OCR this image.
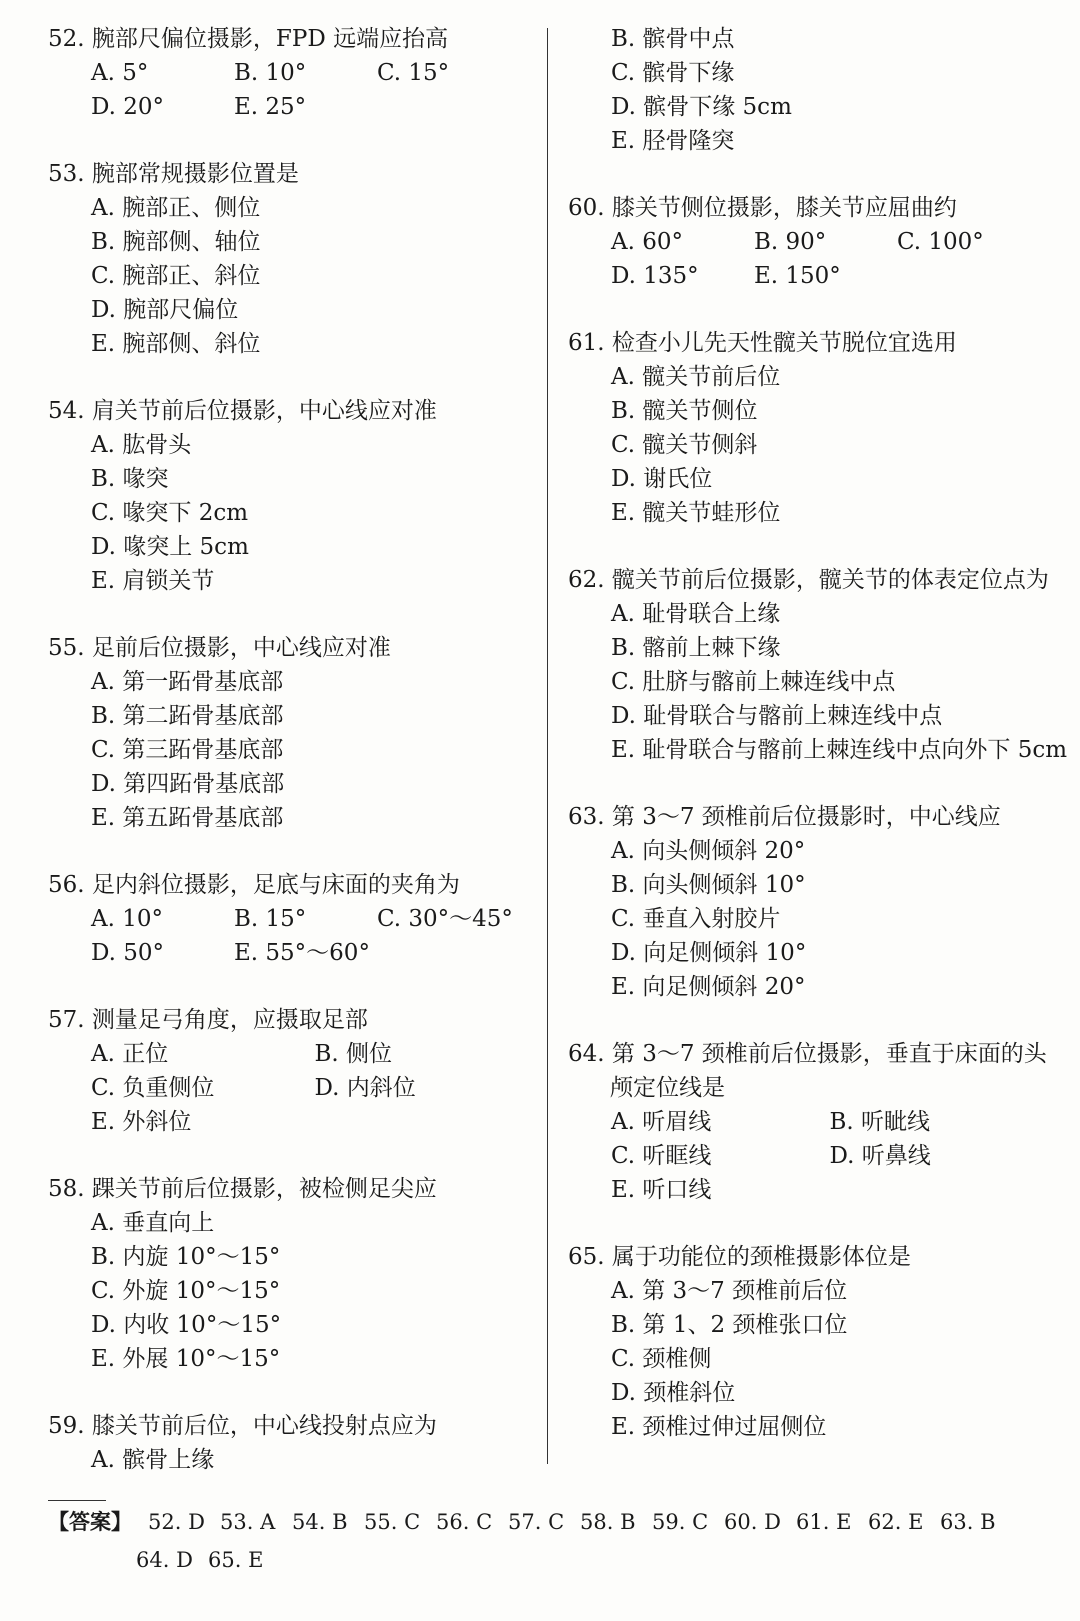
52. 腕部尺偏位摄影，FPD 远端应抬高
A. 5°	B. 10°	C. 15°
D. 20°	E. 25°
53. 腕部常规摄影位置是
A. 腕部正、侧位
B. 腕部侧、轴位
C. 腕部正、斜位
D. 腕部尺偏位
E. 腕部侧、斜位
54. 肩关节前后位摄影，中心线应对准
A. 肱骨头
B. 喙突
C. 喙突下 2cm
D. 喙突上 5cm
E. 肩锁关节
55. 足前后位摄影，中心线应对准
A. 第一跖骨基底部
B. 第二跖骨基底部
C. 第三跖骨基底部
D. 第四跖骨基底部
E. 第五跖骨基底部
56. 足内斜位摄影，足底与床面的夹角为
A. 10°	B. 15°	C. 30°～45°
D. 50°	E. 55°～60°
57. 测量足弓角度，应摄取足部
A. 正位	B. 侧位
C. 负重侧位	D. 内斜位
E. 外斜位
58. 踝关节前后位摄影，被检侧足尖应
A. 垂直向上
B. 内旋 10°～15°
C. 外旋 10°～15°
D. 内收 10°～15°
E. 外展 10°～15°
59. 膝关节前后位，中心线投射点应为
A. 髌骨上缘
B. 髌骨中点
C. 髌骨下缘
D. 髌骨下缘 5cm
E. 胫骨隆突
60. 膝关节侧位摄影，膝关节应屈曲约
A. 60°	B. 90°	C. 100°
D. 135°	E. 150°
61. 检查小儿先天性髋关节脱位宜选用
A. 髋关节前后位
B. 髋关节侧位
C. 髋关节侧斜
D. 谢氏位
E. 髋关节蛙形位
62. 髋关节前后位摄影，髋关节的体表定位点为
A. 耻骨联合上缘
B. 髂前上棘下缘
C. 肚脐与髂前上棘连线中点
D. 耻骨联合与髂前上棘连线中点
E. 耻骨联合与髂前上棘连线中点向外下 5cm
63. 第 3～7 颈椎前后位摄影时，中心线应
A. 向头侧倾斜 20°
B. 向头侧倾斜 10°
C. 垂直入射胶片
D. 向足侧倾斜 10°
E. 向足侧倾斜 20°
64. 第 3～7 颈椎前后位摄影，垂直于床面的头颅定位线是
A. 听眉线	B. 听眦线
C. 听眶线	D. 听鼻线
E. 听口线
65. 属于功能位的颈椎摄影体位是
A. 第 3～7 颈椎前后位
B. 第 1、2 颈椎张口位
C. 颈椎侧
D. 颈椎斜位
E. 颈椎过伸过屈侧位
【答案】 52. D 53. A 54. B 55. C 56. C 57. C 58. B 59. C 60. D 61. E 62. E 63. B
64. D 65. E
